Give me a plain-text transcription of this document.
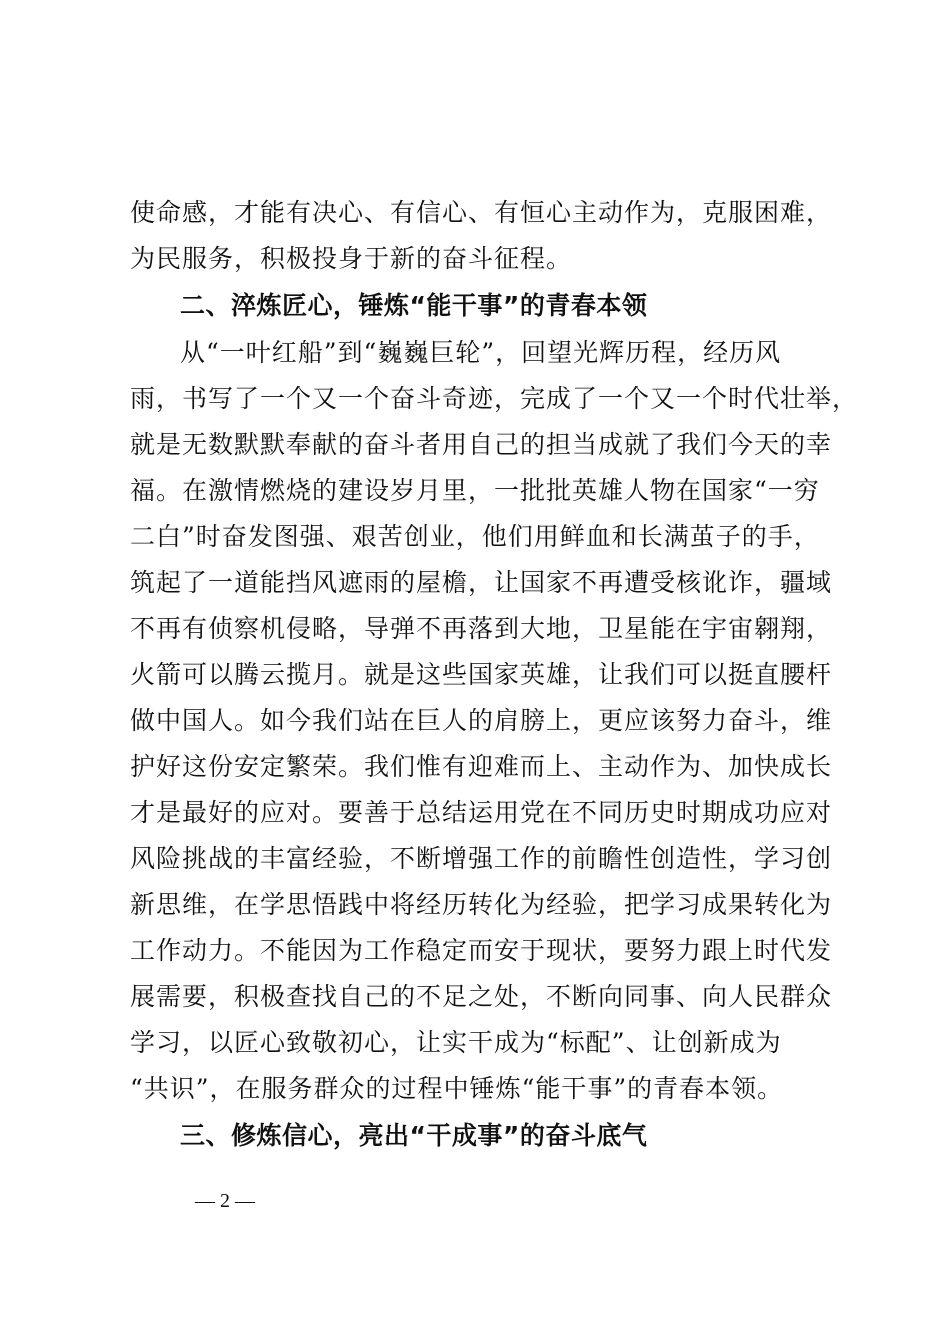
使命感，才能有决心、有信心、有恒心主动作为，克服困难，
为民服务，积极投身于新的奋斗征程。
二、淬炼匠心，锤炼“能干事”的青春本领
从“一叶红船”到“巍巍巨轮”，回望光辉历程，经历风
雨，书写了一个又一个奋斗奇迹，完成了一个又一个时代壮举，
就是无数默默奉献的奋斗者用自己的担当成就了我们今天的幸
福。在激情燃烧的建设岁月里，一批批英雄人物在国家“一穷
二白”时奋发图强、艰苦创业，他们用鲜血和长满茧子的手，
筑起了一道能挡风遮雨的屋檐，让国家不再遭受核讹诈，疆域
不再有侦察机侵略，导弹不再落到大地，卫星能在宇宙翱翔，
火箭可以腾云揽月。就是这些国家英雄，让我们可以挺直腰杆
做中国人。如今我们站在巨人的肩膀上，更应该努力奋斗，维
护好这份安定繁荣。我们惟有迎难而上、主动作为、加快成长
才是最好的应对。要善于总结运用党在不同历史时期成功应对
风险挑战的丰富经验，不断增强工作的前瞻性创造性，学习创
新思维，在学思悟践中将经历转化为经验，把学习成果转化为
工作动力。不能因为工作稳定而安于现状，要努力跟上时代发
展需要，积极查找自己的不足之处，不断向同事、向人民群众
学习，以匠心致敬初心，让实干成为“标配”、让创新成为
“共识”，在服务群众的过程中锤炼“能干事”的青春本领。
三、修炼信心，亮出“干成事”的奋斗底气
— 2 —
